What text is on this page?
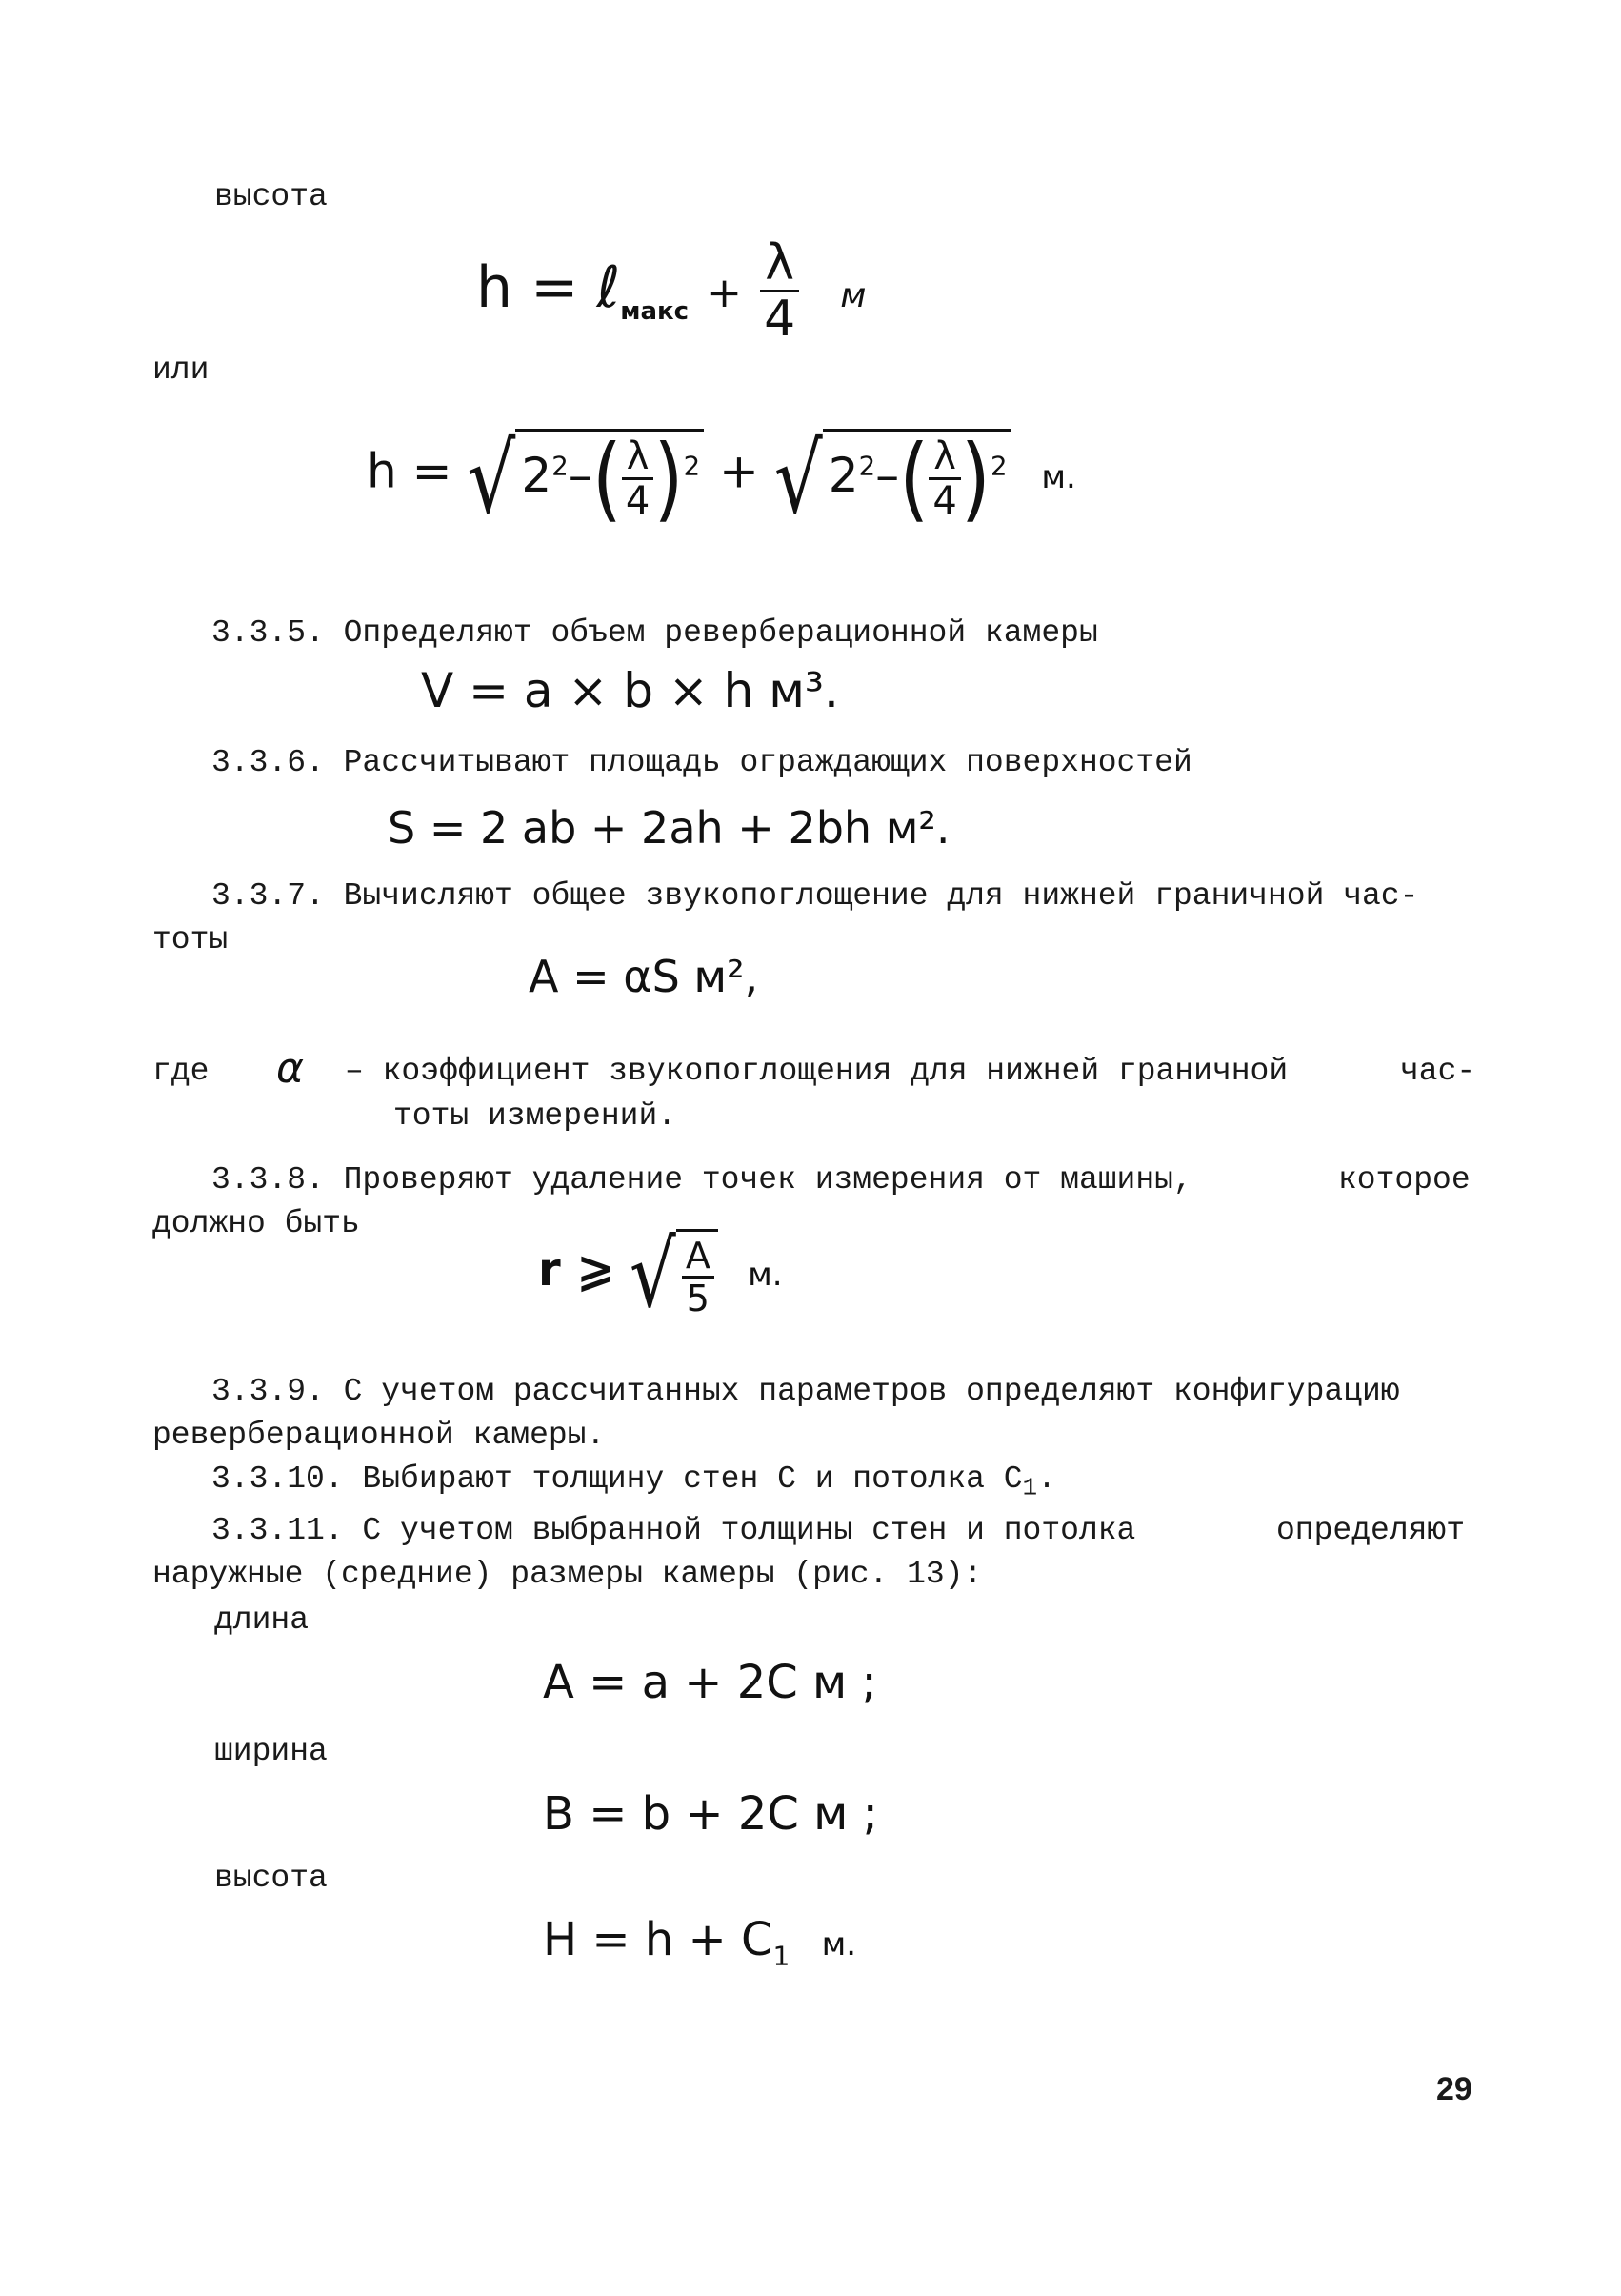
высота
h = ℓ$_{макс}$ + $\frac{\lambda}{4}$ м
или
h = √ $2^2-( \frac{\lambda}{4} )^2$ + √ $2^2-( \frac{\lambda}{4} )^2$ м.
3.3.5. Определяют объем реверберационной камеры
V = a × b × h м³.
3.3.6. Рассчитывают площадь ограждающих поверхностей
S = 2 ab + 2ah + 2bh м².
3.3.7. Вычисляют общее звукопоглощение для нижней граничной час-
тоты
A = αS м²,
где α – коэффициент звукопоглощения для нижней граничной	час-
тоты измерений.
3.3.8. Проверяют удаление точек измерения от машины,	которое
должно быть
r ⩾ √ $\frac{A}{5} м$.
3.3.9. С учетом рассчитанных параметров определяют конфигурацию
реверберационной камеры.
3.3.10. Выбирают толщину стен С и потолка $С_1$.
3.3.11. С учетом выбранной толщины стен и потолка	определяют
наружные (средние) размеры камеры (рис. 13):
длина
A = a + 2C м ;
ширина
B = b + 2C м ;
высота
$H = h + C_1$ м.
29
